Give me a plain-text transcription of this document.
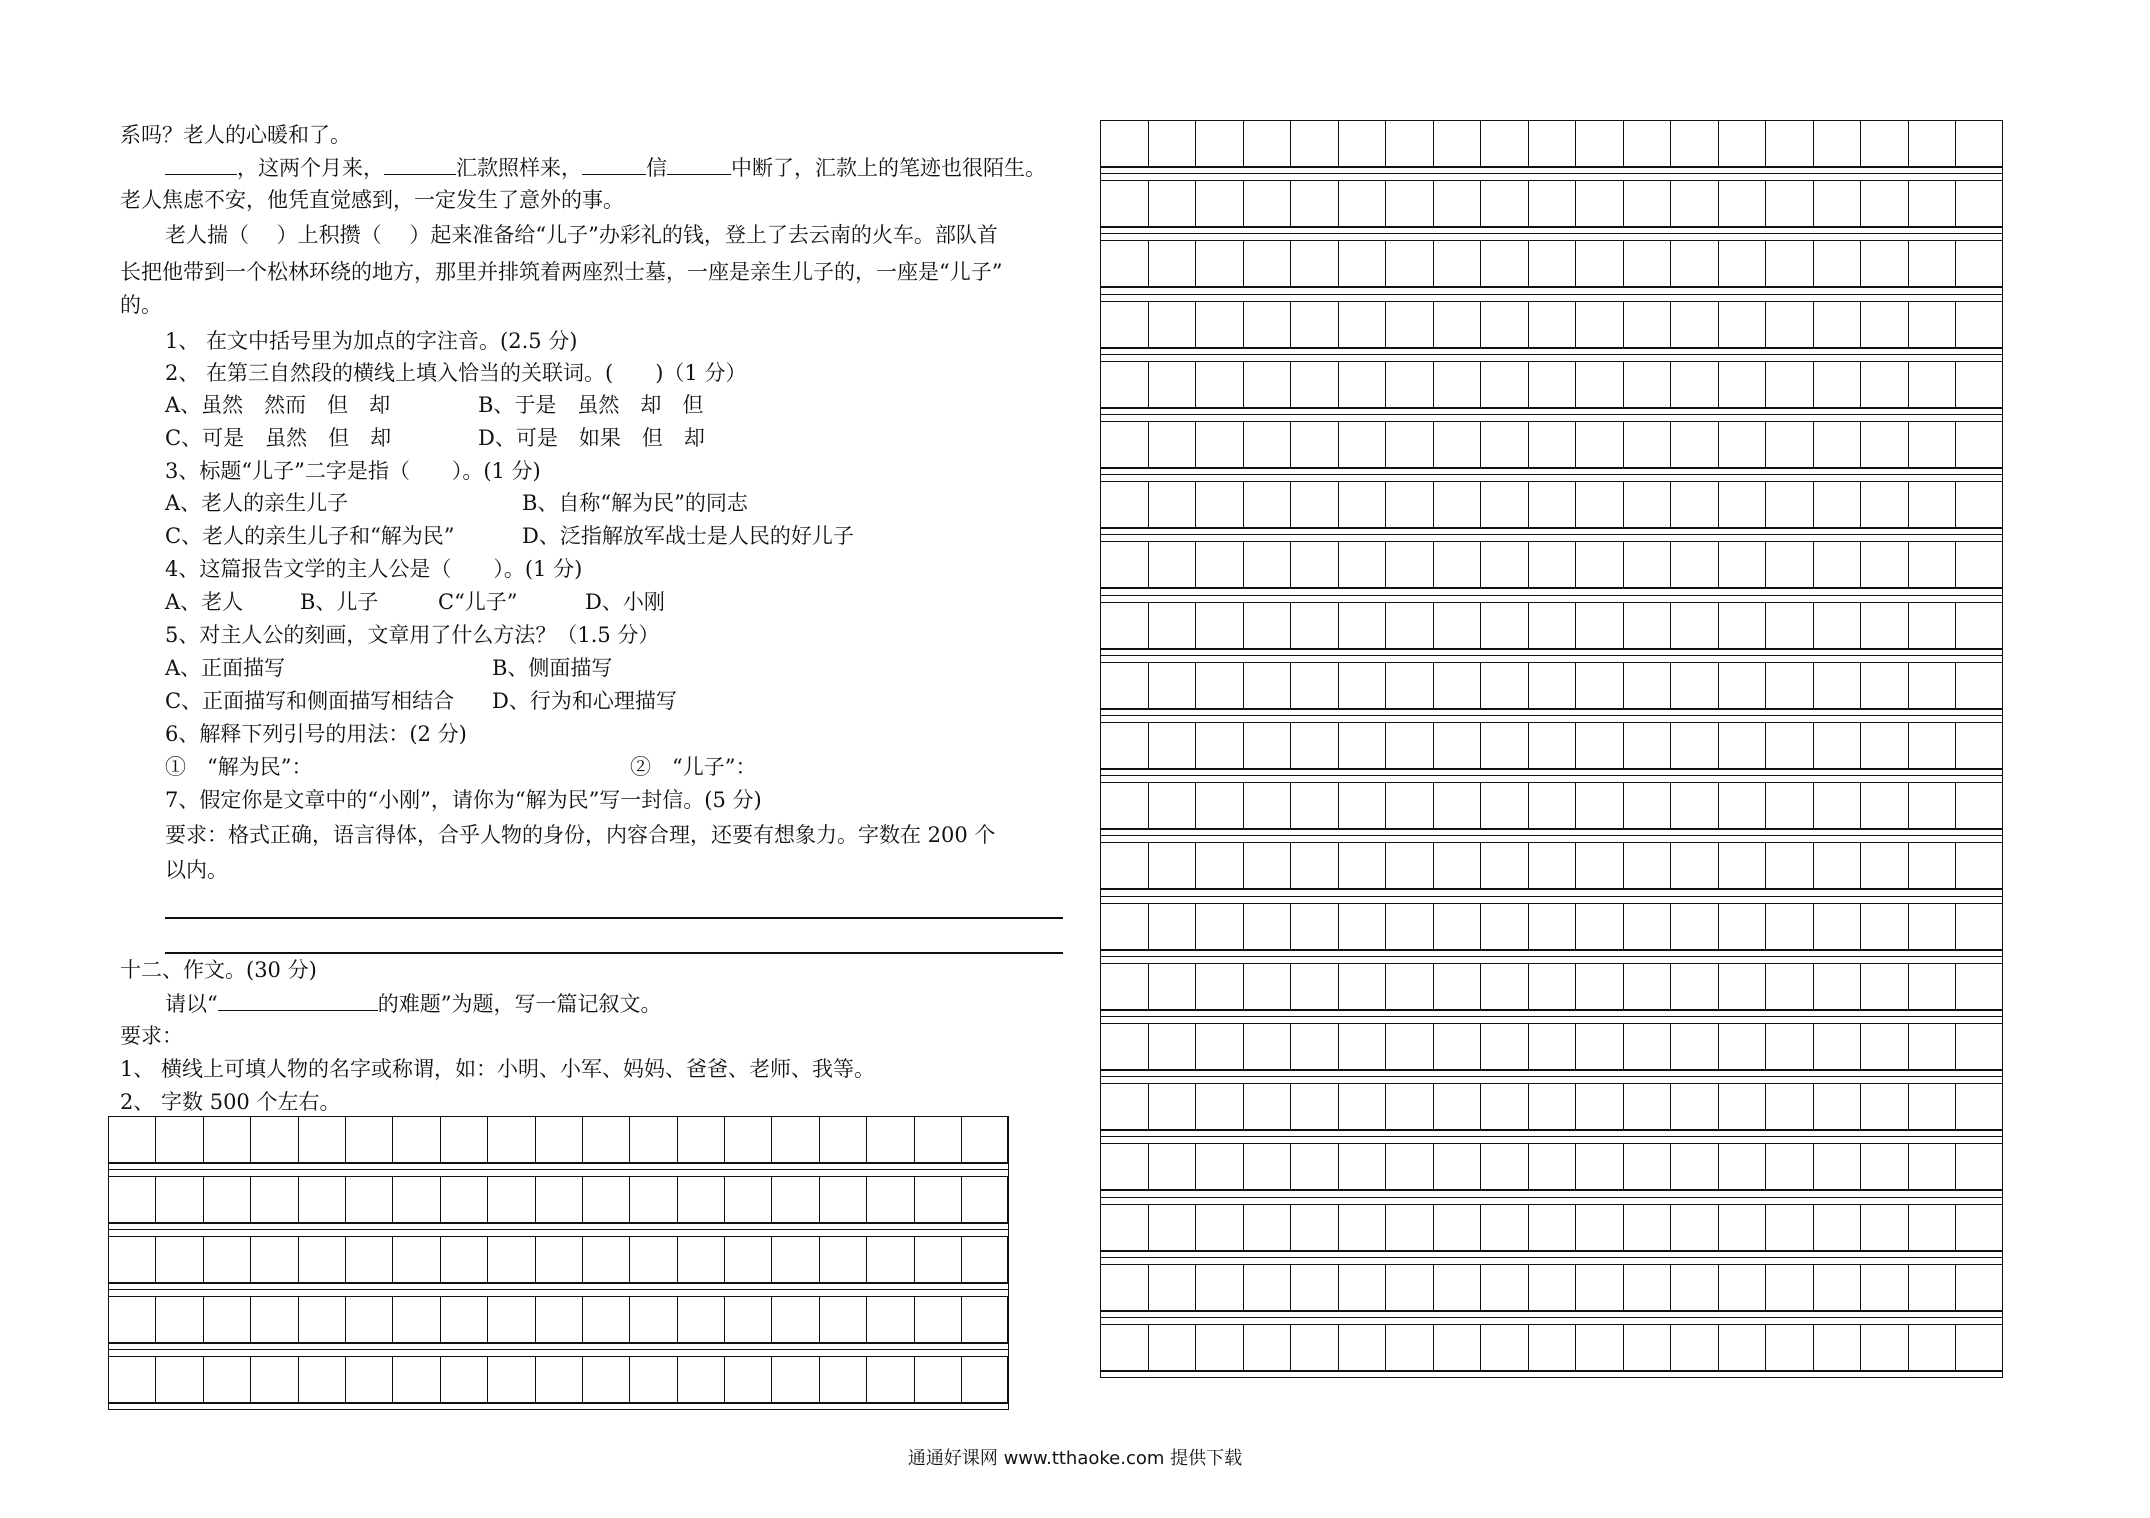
系吗？老人的心暖和了。
，这两个月来，	汇款照样来，	信	中断了，汇款上的笔迹也很陌生。
老人焦虑不安，他凭直觉感到，一定发生了意外的事。
老人揣（　 ）上积攒（　 ）起来准备给“儿子”办彩礼的钱，登上了去云南的火车。部队首
长把他带到一个松林环绕的地方，那里并排筑着两座烈士墓，一座是亲生儿子的，一座是“儿子”
的。
1、 在文中括号里为加点的字注音。(2.5 分)
2、 在第三自然段的横线上填入恰当的关联词。(　　)（1 分）
A、虽然　然而　但　却	B、于是　虽然　却　但
C、可是　虽然　但　却	D、可是　如果　但　却
3、标题“儿子”二字是指（　　）。(1 分)
A、老人的亲生儿子	B、自称“解为民”的同志
C、老人的亲生儿子和“解为民”	D、泛指解放军战士是人民的好儿子
4、这篇报告文学的主人公是（　　）。(1 分)
A、老人	B、儿子	C“儿子”	D、小刚
5、对主人公的刻画，文章用了什么方法？（1.5 分）
A、正面描写	B、侧面描写
C、正面描写和侧面描写相结合 D、行为和心理描写
6、解释下列引号的用法：(2 分)
①　“解为民”：	②　“儿子”：
7、假定你是文章中的“小刚”，请你为“解为民”写一封信。(5 分)
要求：格式正确，语言得体，合乎人物的身份，内容合理，还要有想象力。字数在 200 个
以内。
十二、作文。(30 分)
请以“	的难题”为题，写一篇记叙文。
要求：
1、 横线上可填人物的名字或称谓，如：小明、小军、妈妈、爸爸、老师、我等。
2、 字数 500 个左右。
通通好课网 www.tthaoke.com 提供下载
